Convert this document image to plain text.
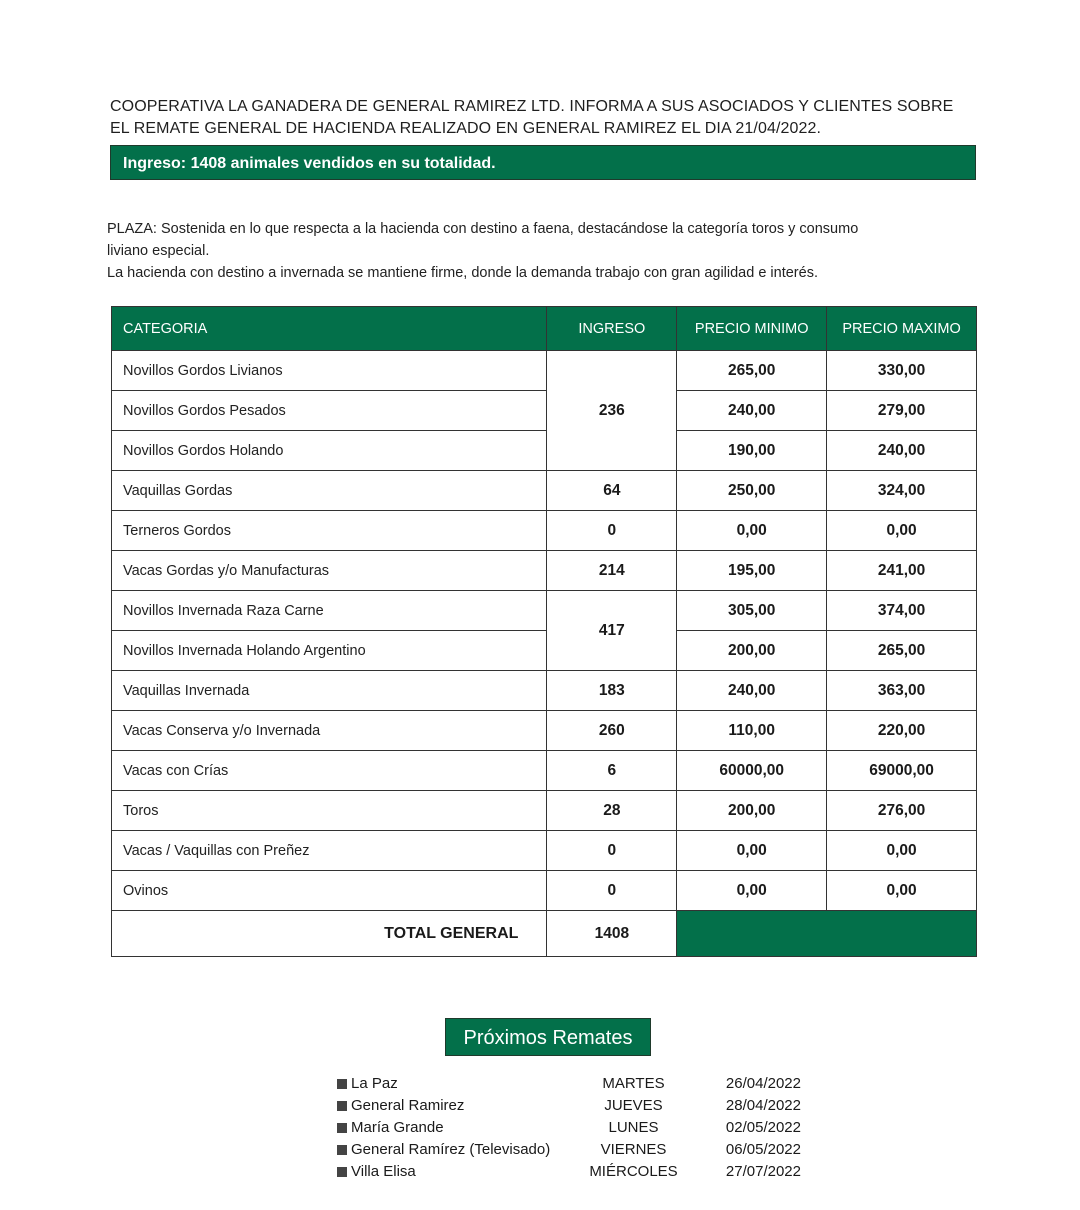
COOPERATIVA LA GANADERA DE GENERAL RAMIREZ LTD. INFORMA A SUS ASOCIADOS Y CLIENTES SOBRE
EL REMATE GENERAL DE HACIENDA REALIZADO EN GENERAL RAMIREZ EL DIA 21/04/2022.
Ingreso: 1408 animales vendidos en su totalidad.
PLAZA: Sostenida en lo que respecta a la hacienda con destino a faena, destacándose la categoría toros y consumo
liviano especial.
La hacienda con destino a invernada se mantiene firme, donde la demanda trabajo con gran agilidad e interés.
CATEGORIA	INGRESO	PRECIO MINIMO	PRECIO MAXIMO
Novillos Gordos Livianos	236	265,00	330,00
Novillos Gordos Pesados		240,00	279,00
Novillos Gordos Holando		190,00	240,00
Vaquillas Gordas	64	250,00	324,00
Terneros Gordos	0	0,00	0,00
Vacas Gordas y/o Manufacturas	214	195,00	241,00
Novillos Invernada Raza Carne	417	305,00	374,00
Novillos Invernada Holando Argentino		200,00	265,00
Vaquillas Invernada	183	240,00	363,00
Vacas Conserva y/o Invernada	260	110,00	220,00
Vacas con Crías	6	60000,00	69000,00
Toros	28	200,00	276,00
Vacas / Vaquillas con Preñez	0	0,00	0,00
Ovinos	0	0,00	0,00
TOTAL GENERAL	1408		
Próximos Remates
La Paz	MARTES	26/04/2022
General Ramirez	JUEVES	28/04/2022
María Grande	LUNES	02/05/2022
General Ramírez (Televisado)	VIERNES	06/05/2022
Villa Elisa	MIÉRCOLES	27/07/2022
